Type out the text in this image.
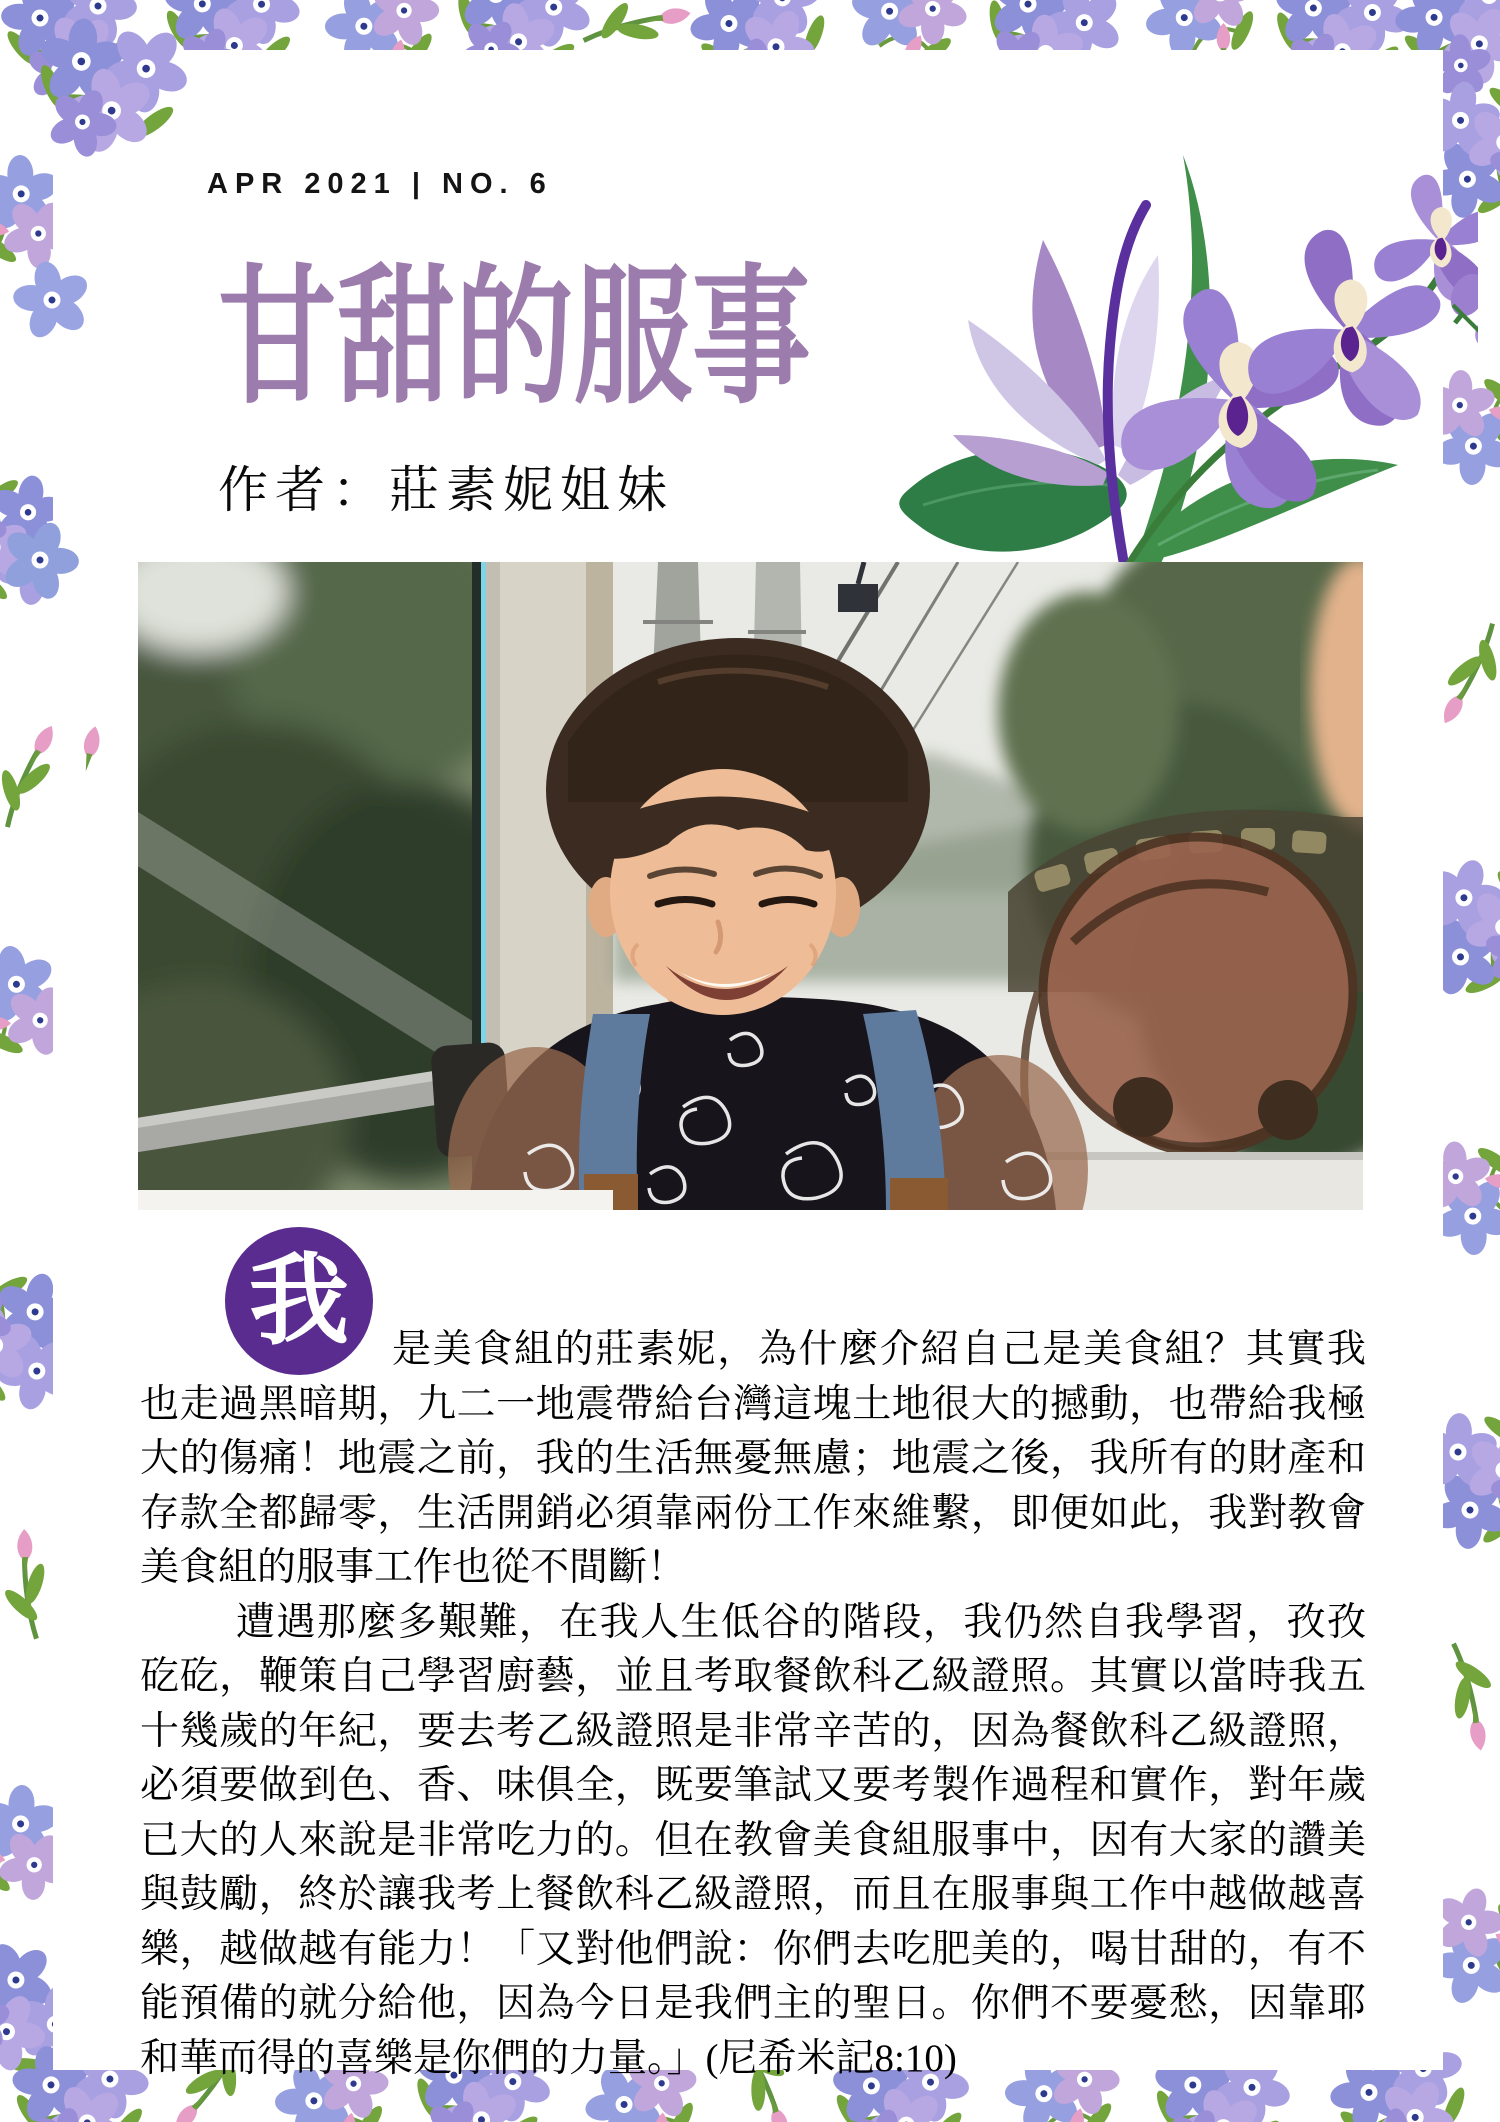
APR 2021 | NO. 6
甘甜的服事
作者：莊素妮姐妹
我	是美食組的莊素妮，為什麼介紹自己是美食組？其實我也走過黑暗期，九二一地震帶給台灣這塊土地很大的撼動，也帶給我極大的傷痛！地震之前，我的生活無憂無慮；地震之後，我所有的財產和存款全都歸零，生活開銷必須靠兩份工作來維繫，即便如此，我對教會美食組的服事工作也從不間斷！

遭遇那麼多艱難，在我人生低谷的階段，我仍然自我學習，孜孜矻矻，鞭策自己學習廚藝，並且考取餐飲科乙級證照。其實以當時我五十幾歲的年紀，要去考乙級證照是非常辛苦的，因為餐飲科乙級證照，必須要做到色、香、味俱全，既要筆試又要考製作過程和實作，對年歲已大的人來說是非常吃力的。但在教會美食組服事中，因有大家的讚美與鼓勵，終於讓我考上餐飲科乙級證照，而且在服事與工作中越做越喜樂，越做越有能力！「又對他們說：你們去吃肥美的，喝甘甜的，有不能預備的就分給他，因為今日是我們主的聖日。你們不要憂愁，因靠耶和華而得的喜樂是你們的力量。」(尼希米記8:10)
